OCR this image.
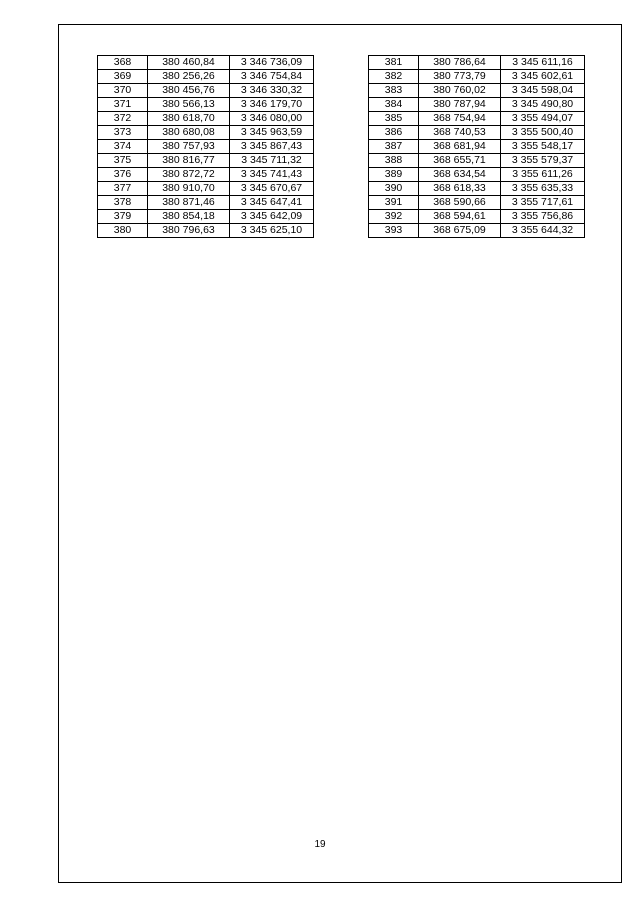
368	380 460,84	3 346 736,09
369	380 256,26	3 346 754,84
370	380 456,76	3 346 330,32
371	380 566,13	3 346 179,70
372	380 618,70	3 346 080,00
373	380 680,08	3 345 963,59
374	380 757,93	3 345 867,43
375	380 816,77	3 345 711,32
376	380 872,72	3 345 741,43
377	380 910,70	3 345 670,67
378	380 871,46	3 345 647,41
379	380 854,18	3 345 642,09
380	380 796,63	3 345 625,10
381	380 786,64	3 345 611,16
382	380 773,79	3 345 602,61
383	380 760,02	3 345 598,04
384	380 787,94	3 345 490,80
385	368 754,94	3 355 494,07
386	368 740,53	3 355 500,40
387	368 681,94	3 355 548,17
388	368 655,71	3 355 579,37
389	368 634,54	3 355 611,26
390	368 618,33	3 355 635,33
391	368 590,66	3 355 717,61
392	368 594,61	3 355 756,86
393	368 675,09	3 355 644,32
19
